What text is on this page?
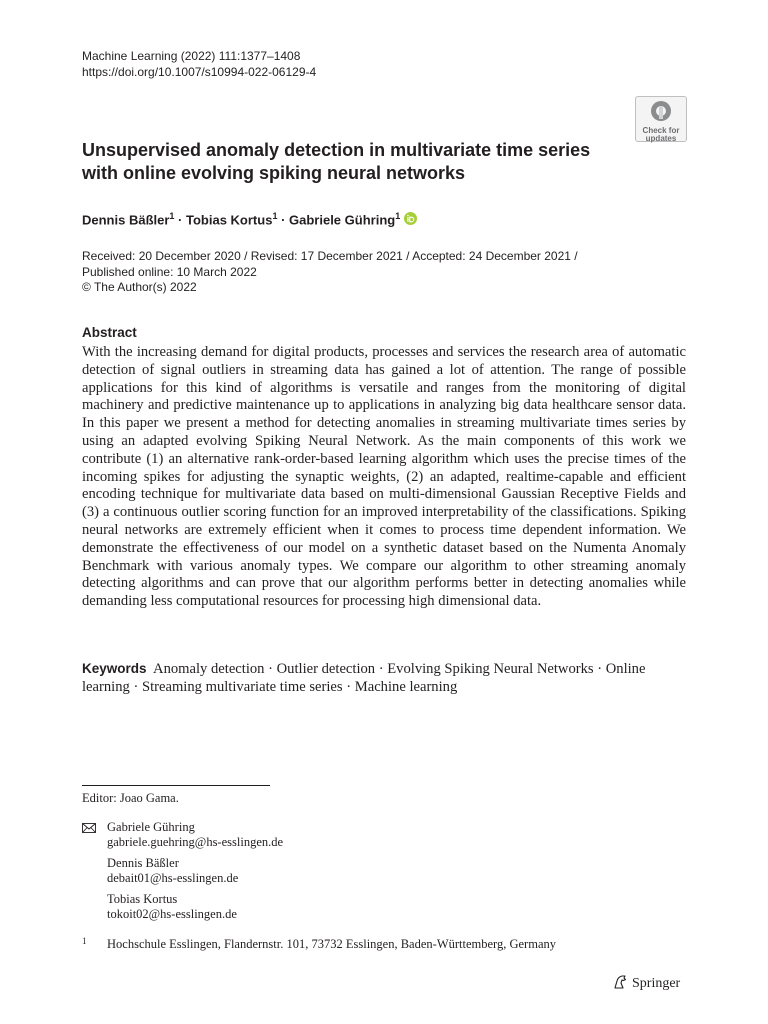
Machine Learning (2022) 111:1377–1408
https://doi.org/10.1007/s10994-022-06129-4
Check for
updates
Unsupervised anomaly detection in multivariate time series
with online evolving spiking neural networks
Dennis Bäßler$^1$ · Tobias Kortus$^1$ · Gabriele Gühring$^1$
Received: 20 December 2020 / Revised: 17 December 2021 / Accepted: 24 December 2021 /
Published online: 10 March 2022
© The Author(s) 2022
Abstract

With the increasing demand for digital products, processes and services the research area of automatic detection of signal outliers in streaming data has gained a lot of attention. The range of possible applications for this kind of algorithms is versatile and ranges from the monitoring of digital machinery and predictive maintenance up to applications in analyzing big data healthcare sensor data. In this paper we present a method for detecting anomalies in streaming multivariate times series by using an adapted evolving Spiking Neural Network. As the main components of this work we contribute (1) an alternative rank-order-based learning algorithm which uses the precise times of the incoming spikes for adjusting the synaptic weights, (2) an adapted, realtime-capable and efficient encoding technique for multivariate data based on multi-dimensional Gaussian Receptive Fields and (3) a continuous outlier scoring function for an improved interpretability of the classifications. Spiking neural networks are extremely efficient when it comes to process time dependent information. We demonstrate the effectiveness of our model on a synthetic dataset based on the Numenta Anomaly Benchmark with various anomaly types. We compare our algorithm to other streaming anomaly detecting algorithms and can prove that our algorithm performs better in detecting anomalies while demanding less computational resources for processing high dimensional data.

Keywords Anomaly detection · Outlier detection · Evolving Spiking Neural Networks · Online learning · Streaming multivariate time series · Machine learning

Editor: Joao Gama.
Gabriele Gühring
gabriele.guehring@hs-esslingen.de
Dennis Bäßler
debait01@hs-esslingen.de
Tobias Kortus
tokoit02@hs-esslingen.de
1 Hochschule Esslingen, Flandernstr. 101, 73732 Esslingen, Baden-Württemberg, Germany
Springer
